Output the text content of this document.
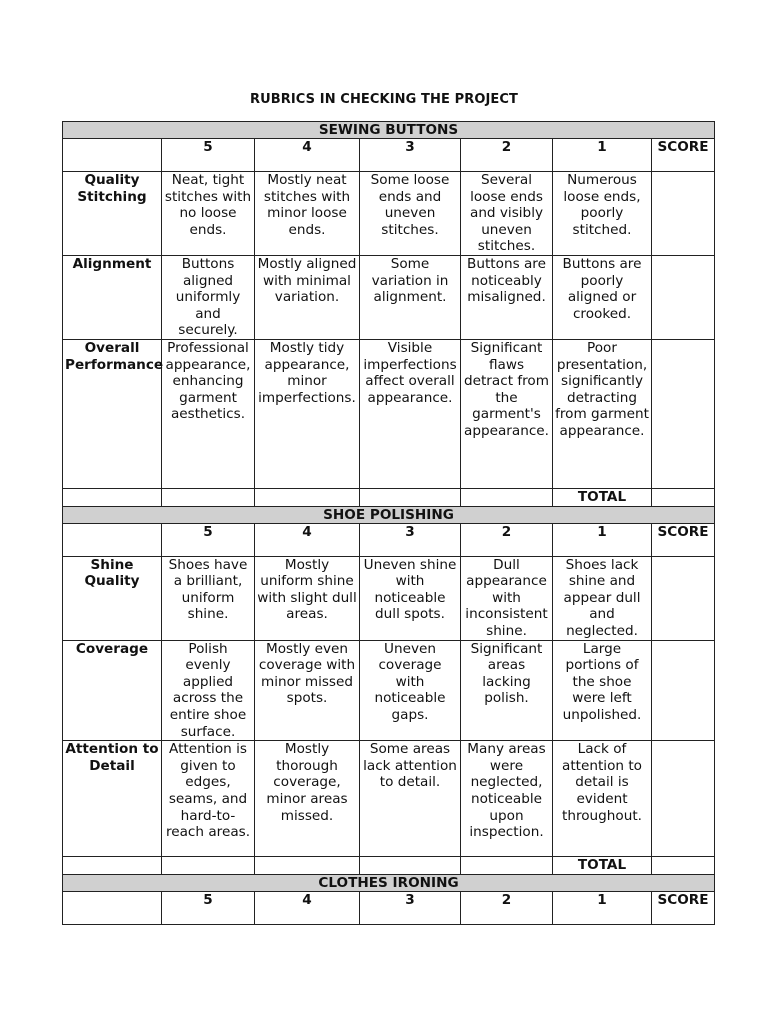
RUBRICS IN CHECKING THE PROJECT
SEWING BUTTONS						
	5	4	3	2	1	SCORE
Quality Stitching	Neat, tight stitches with no loose ends.	Mostly neat stitches with minor loose ends.	Some loose ends and uneven stitches.	Several loose ends and visibly uneven stitches.	Numerous loose ends, poorly stitched.	
Alignment	Buttons aligned uniformly and securely.	Mostly aligned with minimal variation.	Some variation in alignment.	Buttons are noticeably misaligned.	Buttons are poorly aligned or crooked.	
Overall Performance	Professional appearance, enhancing garment aesthetics.	Mostly tidy appearance, minor imperfections.	Visible imperfections affect overall appearance.	Significant flaws detract from the garment's appearance.	Poor presentation, significantly detracting from garment appearance.	
					TOTAL	
SHOE POLISHING						
	5	4	3	2	1	SCORE
Shine Quality	Shoes have a brilliant, uniform shine.	Mostly uniform shine with slight dull areas.	Uneven shine with noticeable dull spots.	Dull appearance with inconsistent shine.	Shoes lack shine and appear dull and neglected.	
Coverage	Polish evenly applied across the entire shoe surface.	Mostly even coverage with minor missed spots.	Uneven coverage with noticeable gaps.	Significant areas lacking polish.	Large portions of the shoe were left unpolished.	
Attention to Detail	Attention is given to edges, seams, and hard-to-reach areas.	Mostly thorough coverage, minor areas missed.	Some areas lack attention to detail.	Many areas were neglected, noticeable upon inspection.	Lack of attention to detail is evident throughout.	
					TOTAL	
CLOTHES IRONING						
	5	4	3	2	1	SCORE
